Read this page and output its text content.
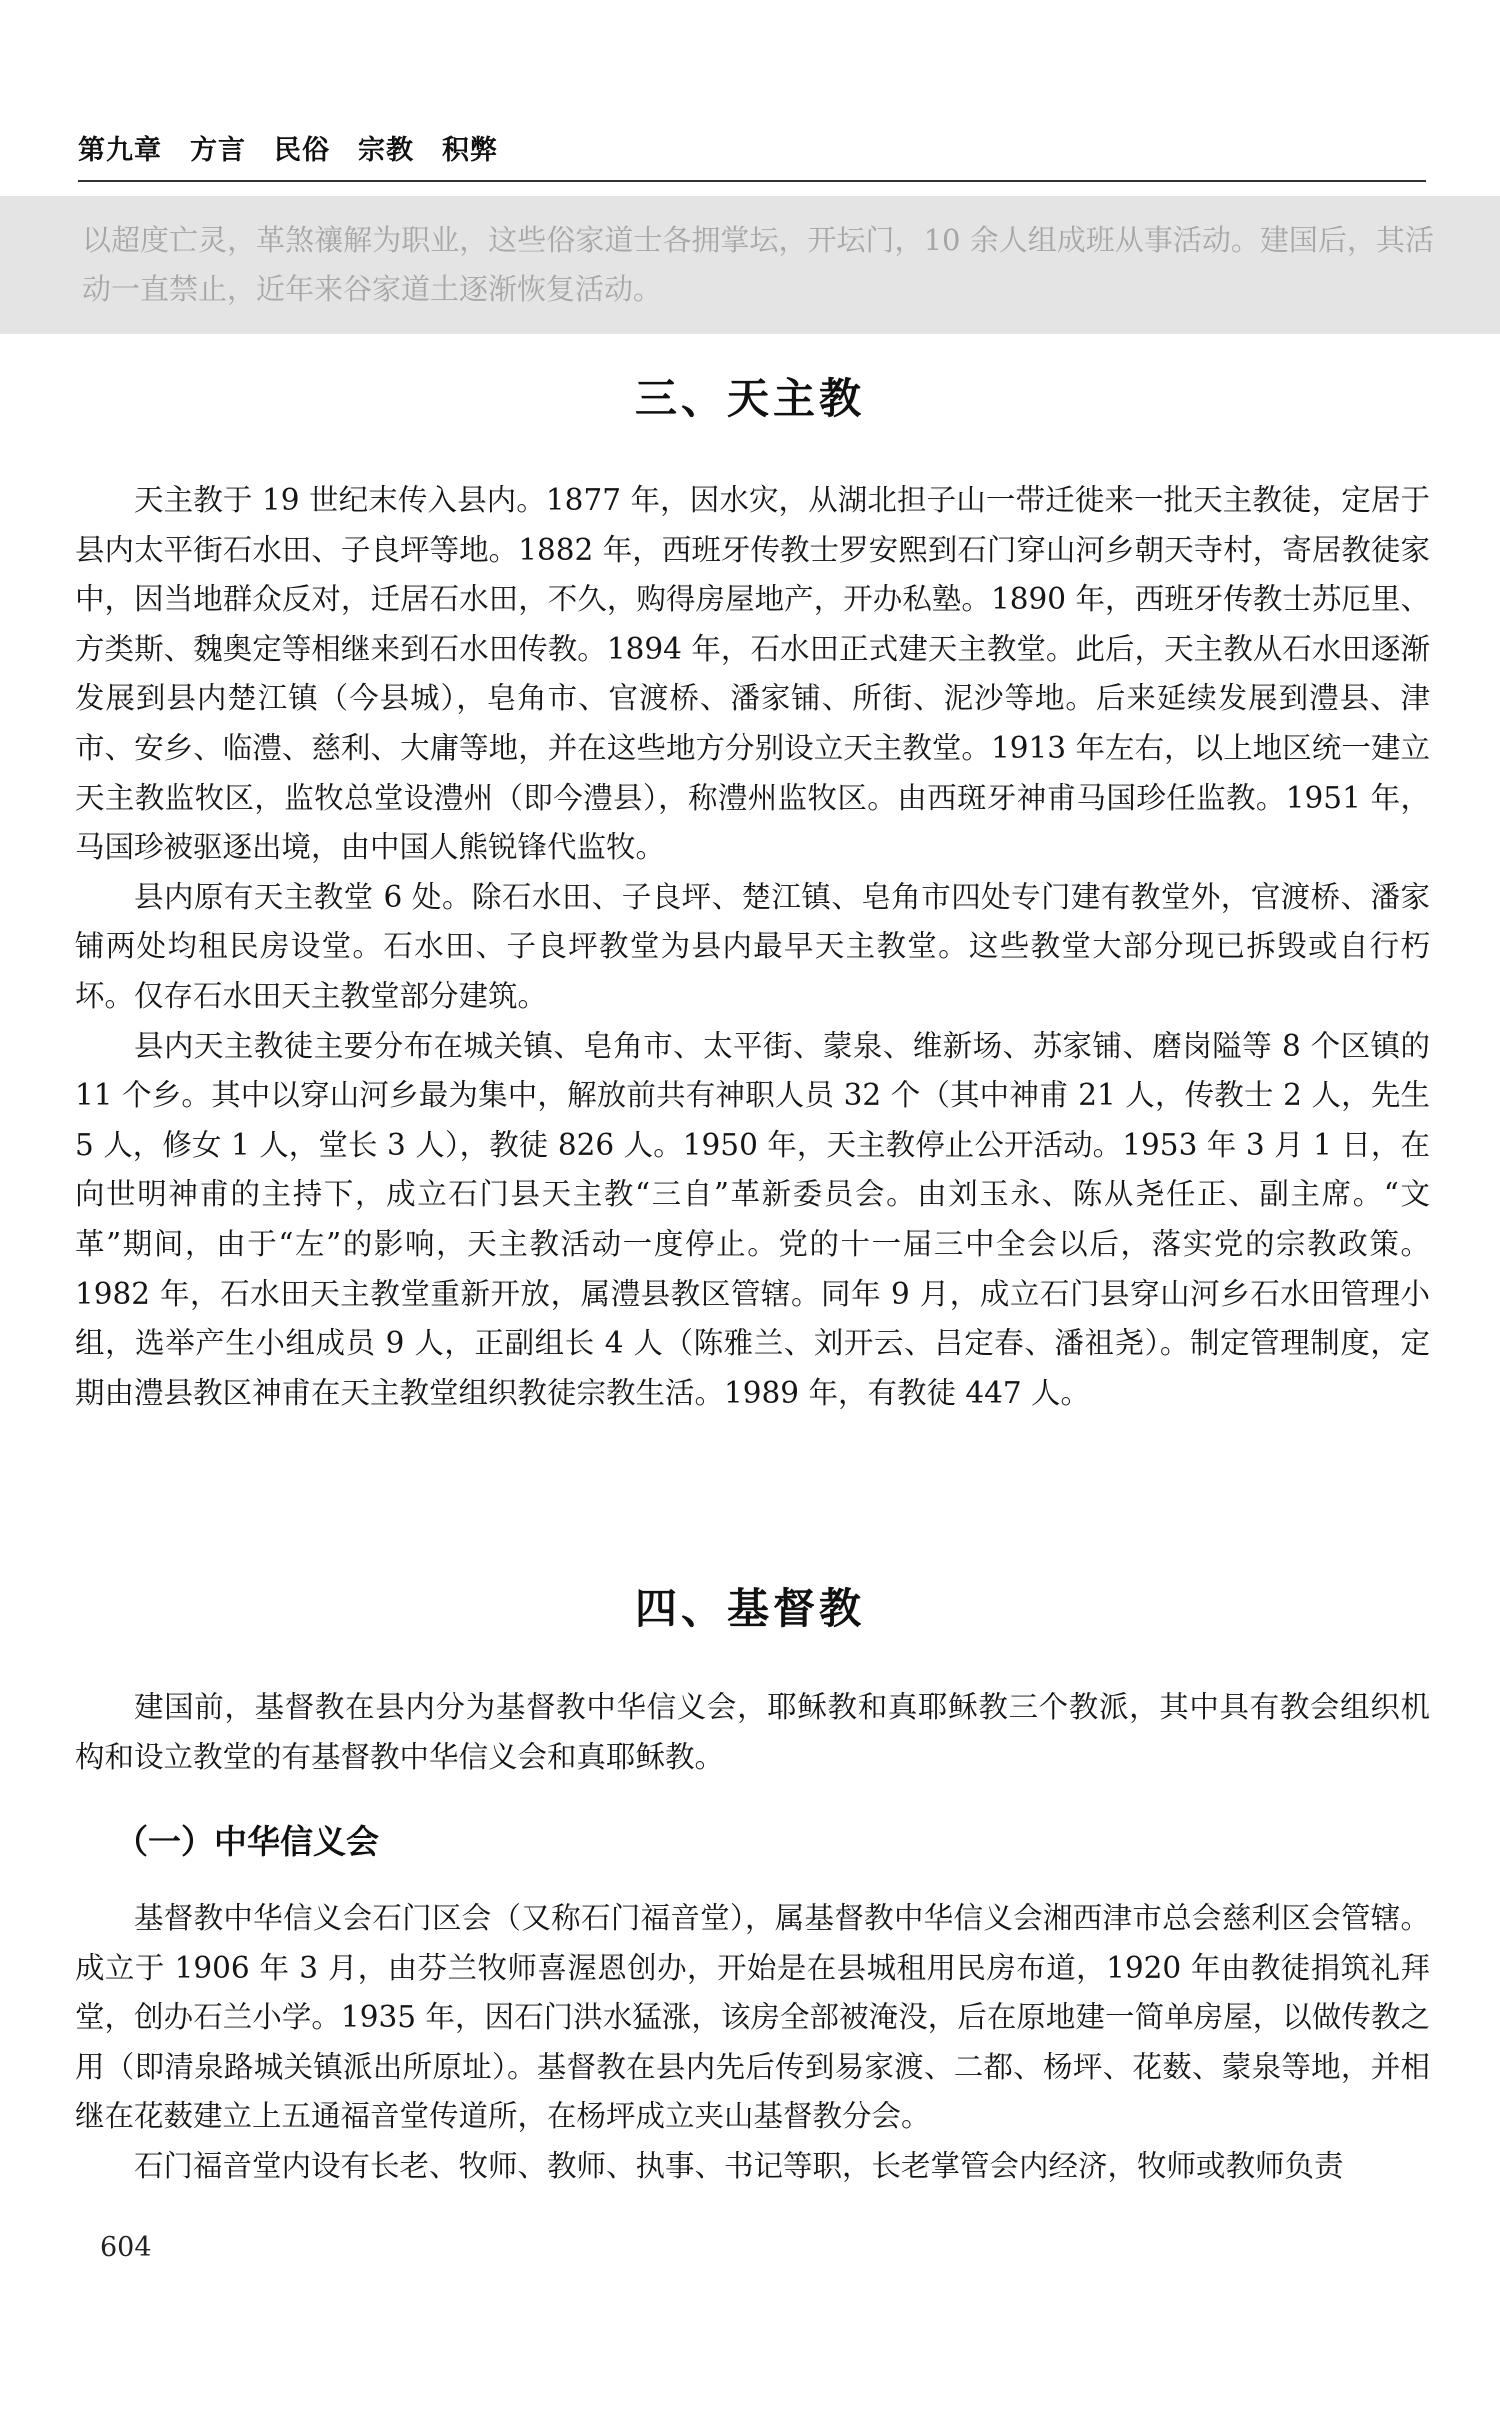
第九章　方言　民俗　宗教　积弊

以超度亡灵，革煞禳解为职业，这些俗家道士各拥掌坛，开坛门，10 余人组成班从事活动。建国后，其活动一直禁止，近年来谷家道土逐渐恢复活动。

三、天主教

天主教于 19 世纪末传入县内。1877 年，因水灾，从湖北担子山一带迁徙来一批天主教徒，定居于县内太平街石水田、子良坪等地。1882 年，西班牙传教士罗安熙到石门穿山河乡朝天寺村，寄居教徒家中，因当地群众反对，迁居石水田，不久，购得房屋地产，开办私塾。1890 年，西班牙传教士苏厄里、方类斯、魏奥定等相继来到石水田传教。1894 年，石水田正式建天主教堂。此后，天主教从石水田逐渐发展到县内楚江镇（今县城），皂角市、官渡桥、潘家铺、所街、泥沙等地。后来延续发展到澧县、津市、安乡、临澧、慈利、大庸等地，并在这些地方分别设立天主教堂。1913 年左右，以上地区统一建立天主教监牧区，监牧总堂设澧州（即今澧县），称澧州监牧区。由西斑牙神甫马国珍任监教。1951 年，马国珍被驱逐出境，由中国人熊锐锋代监牧。

县内原有天主教堂 6 处。除石水田、子良坪、楚江镇、皂角市四处专门建有教堂外，官渡桥、潘家铺两处均租民房设堂。石水田、子良坪教堂为县内最早天主教堂。这些教堂大部分现已拆毁或自行朽坏。仅存石水田天主教堂部分建筑。

县内天主教徒主要分布在城关镇、皂角市、太平街、蒙泉、维新场、苏家铺、磨岗隘等 8 个区镇的 11 个乡。其中以穿山河乡最为集中，解放前共有神职人员 32 个（其中神甫 21 人，传教士 2 人，先生 5 人，修女 1 人，堂长 3 人），教徒 826 人。1950 年，天主教停止公开活动。1953 年 3 月 1 日，在向世明神甫的主持下，成立石门县天主教“三自”革新委员会。由刘玉永、陈从尧任正、副主席。“文革”期间，由于“左”的影响，天主教活动一度停止。党的十一届三中全会以后，落实党的宗教政策。1982 年，石水田天主教堂重新开放，属澧县教区管辖。同年 9 月，成立石门县穿山河乡石水田管理小组，选举产生小组成员 9 人，正副组长 4 人（陈雅兰、刘开云、吕定春、潘祖尧）。制定管理制度，定期由澧县教区神甫在天主教堂组织教徒宗教生活。1989 年，有教徒 447 人。

四、基督教

建国前，基督教在县内分为基督教中华信义会，耶稣教和真耶稣教三个教派，其中具有教会组织机构和设立教堂的有基督教中华信义会和真耶稣教。

（一）中华信义会

基督教中华信义会石门区会（又称石门福音堂），属基督教中华信义会湘西津市总会慈利区会管辖。成立于 1906 年 3 月，由芬兰牧师喜渥恩创办，开始是在县城租用民房布道，1920 年由教徒捐筑礼拜堂，创办石兰小学。1935 年，因石门洪水猛涨，该房全部被淹没，后在原地建一简单房屋，以做传教之用（即清泉路城关镇派出所原址）。基督教在县内先后传到易家渡、二都、杨坪、花薮、蒙泉等地，并相继在花薮建立上五通福音堂传道所，在杨坪成立夹山基督教分会。

石门福音堂内设有长老、牧师、教师、执事、书记等职，长老掌管会内经济，牧师或教师负责

604
